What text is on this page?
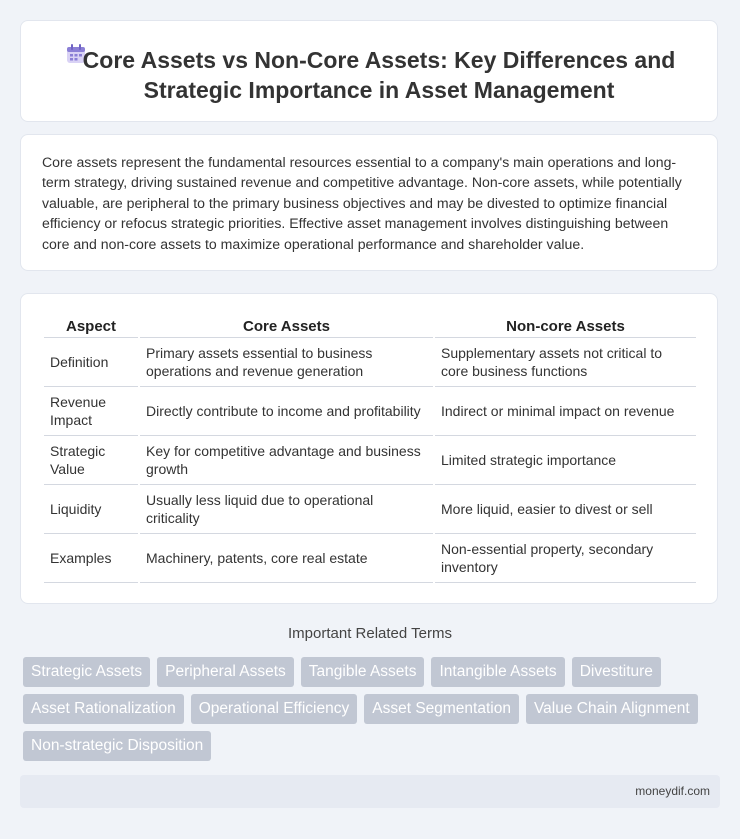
Core Assets vs Non-Core Assets: Key Differences and Strategic Importance in Asset Management

Core assets represent the fundamental resources essential to a company's main operations and long-term strategy, driving sustained revenue and competitive advantage. Non-core assets, while potentially valuable, are peripheral to the primary business objectives and may be divested to optimize financial efficiency or refocus strategic priorities. Effective asset management involves distinguishing between core and non-core assets to maximize operational performance and shareholder value.

Aspect	Core Assets	Non-core Assets
Definition	Primary assets essential to business operations and revenue generation	Supplementary assets not critical to core business functions
Revenue Impact	Directly contribute to income and profitability	Indirect or minimal impact on revenue
Strategic Value	Key for competitive advantage and business growth	Limited strategic importance
Liquidity	Usually less liquid due to operational criticality	More liquid, easier to divest or sell
Examples	Machinery, patents, core real estate	Non-essential property, secondary inventory
Important Related Terms
Strategic Assets	Peripheral Assets	Tangible Assets	Intangible Assets	Divestiture
Asset Rationalization	Operational Efficiency	Asset Segmentation	Value Chain Alignment
Non-strategic Disposition
moneydif.com
